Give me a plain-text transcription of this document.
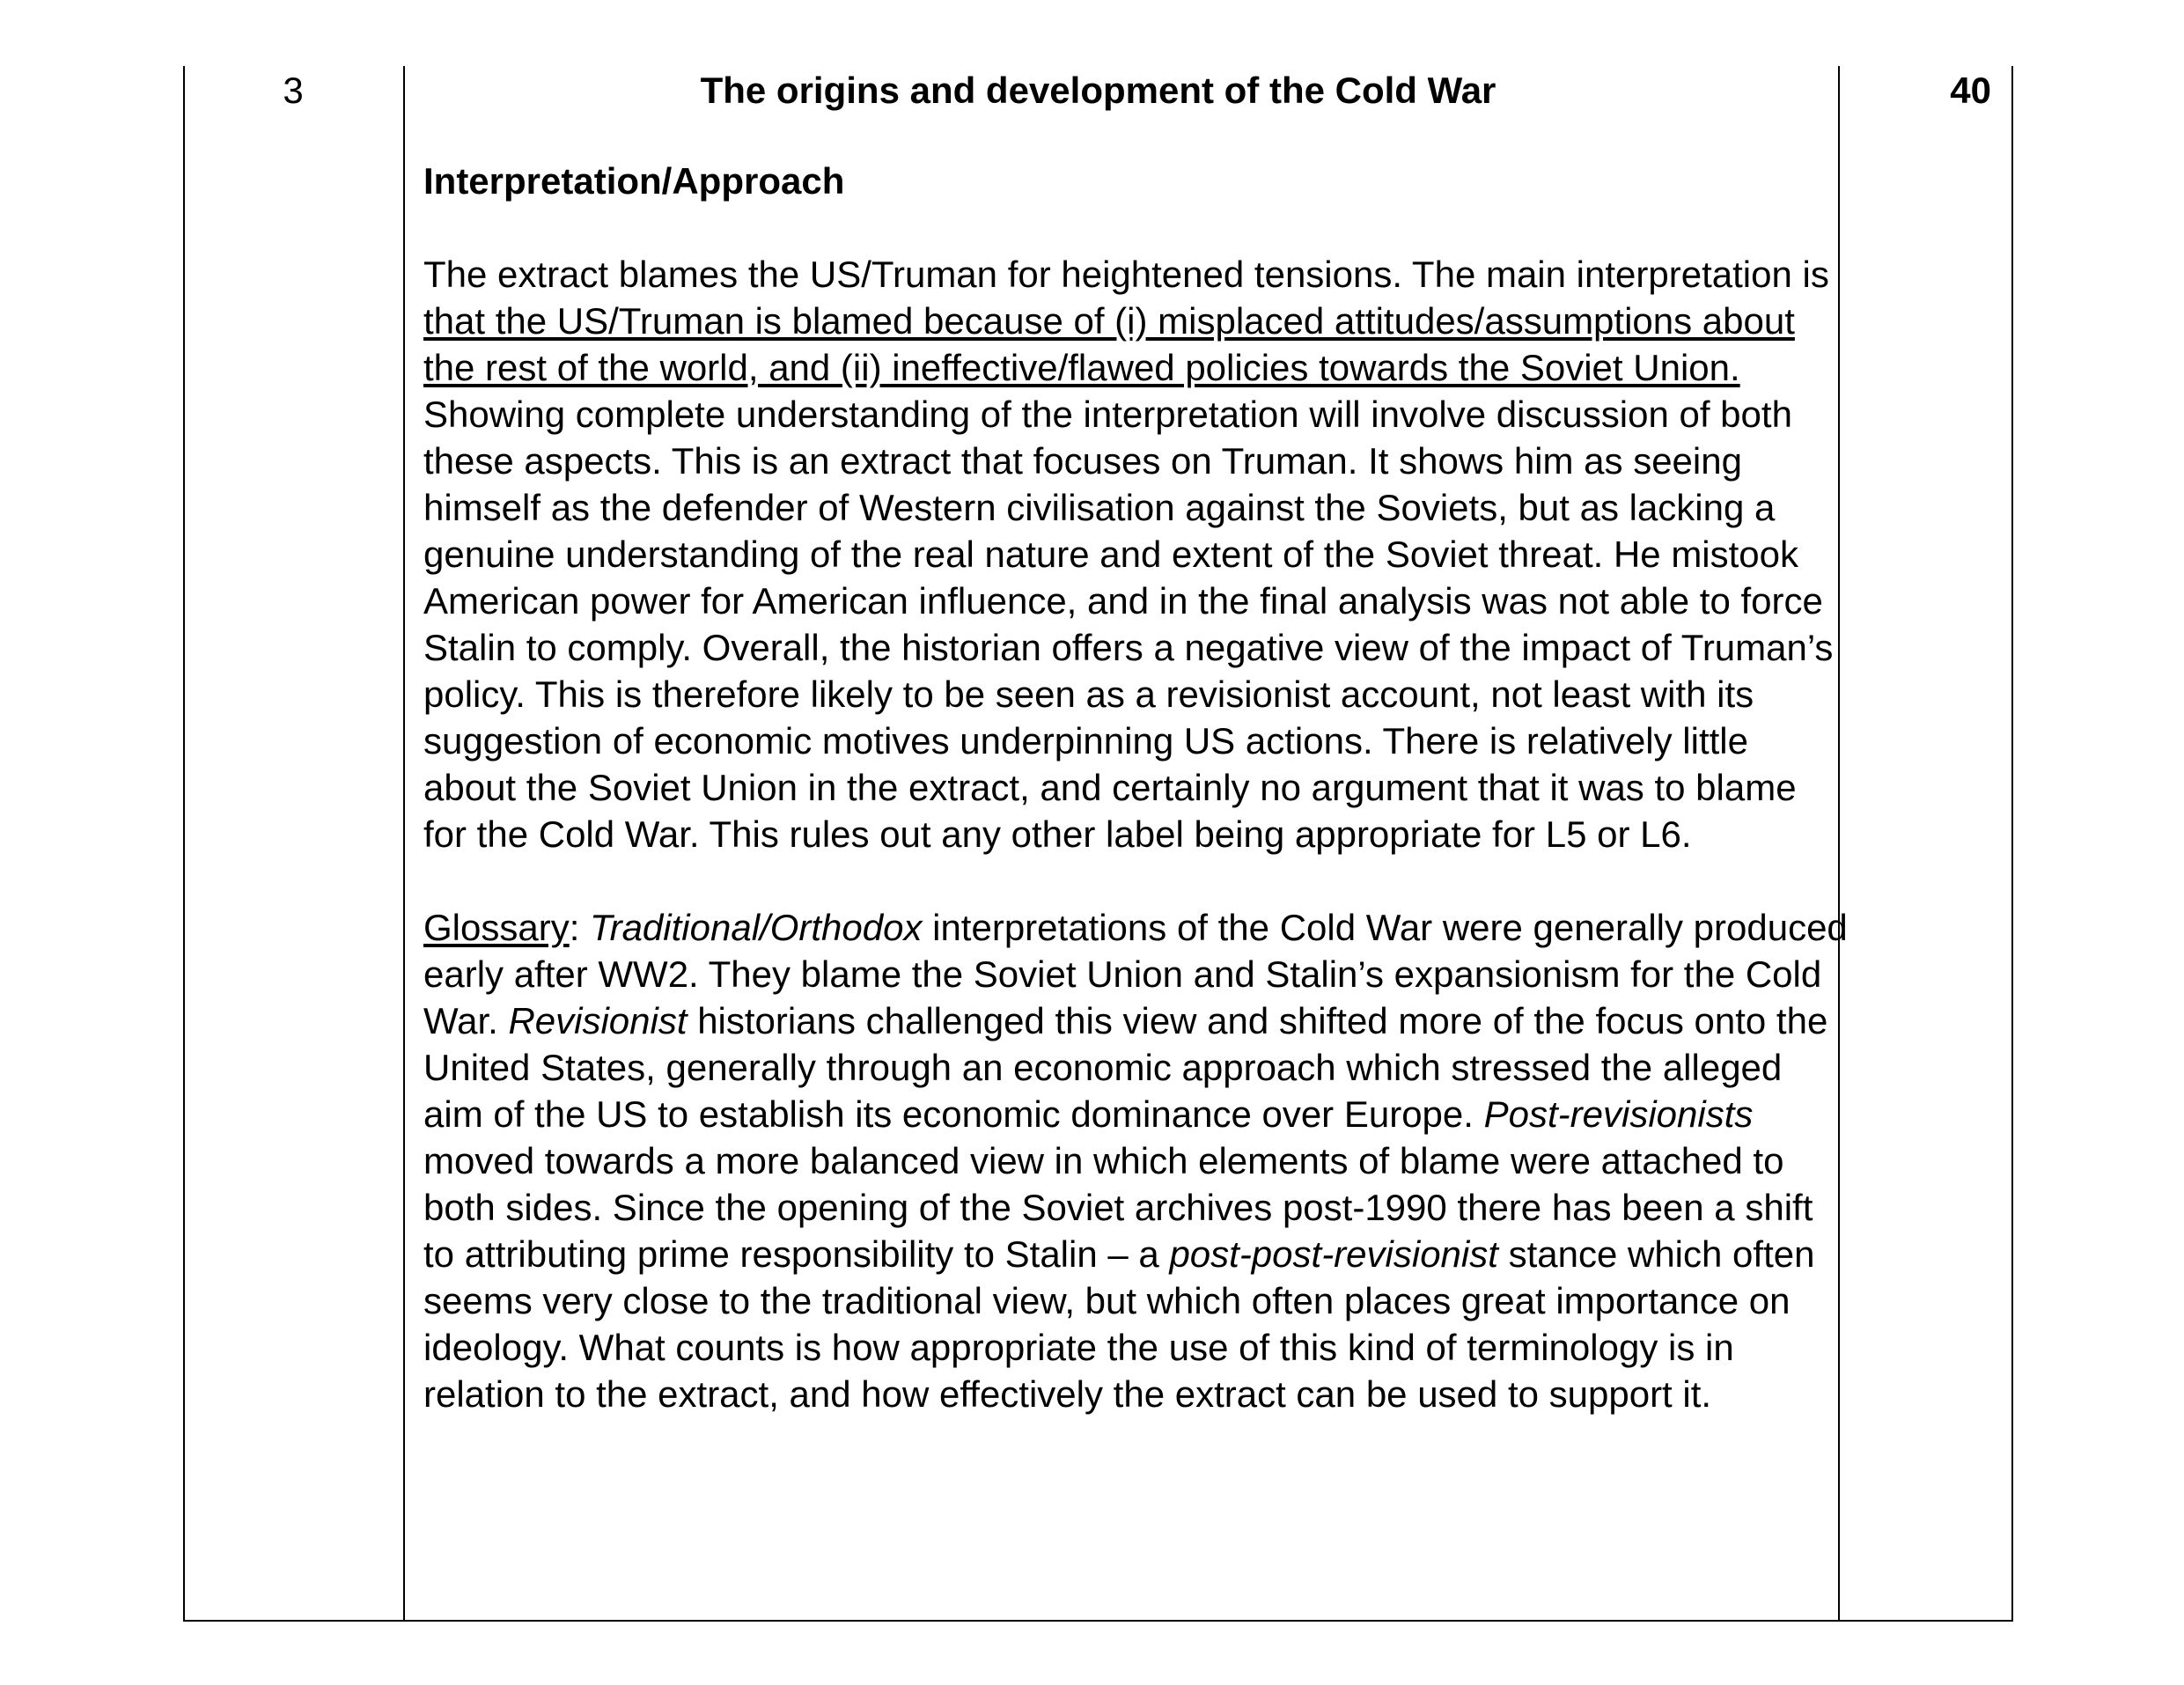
3	40

The origins and development of the Cold War

Interpretation/Approach

The extract blames the US/Truman for heightened tensions. The main interpretation is that the US/Truman is blamed because of (i) misplaced attitudes/assumptions about the rest of the world, and (ii) ineffective/flawed policies towards the Soviet Union. Showing complete understanding of the interpretation will involve discussion of both these aspects. This is an extract that focuses on Truman. It shows him as seeing himself as the defender of Western civilisation against the Soviets, but as lacking a genuine understanding of the real nature and extent of the Soviet threat. He mistook American power for American influence, and in the final analysis was not able to force Stalin to comply. Overall, the historian offers a negative view of the impact of Truman’s policy. This is therefore likely to be seen as a revisionist account, not least with its suggestion of economic motives underpinning US actions. There is relatively little about the Soviet Union in the extract, and certainly no argument that it was to blame for the Cold War. This rules out any other label being appropriate for L5 or L6.

Glossary: Traditional/Orthodox interpretations of the Cold War were generally produced early after WW2. They blame the Soviet Union and Stalin’s expansionism for the Cold War. Revisionist historians challenged this view and shifted more of the focus onto the United States, generally through an economic approach which stressed the alleged aim of the US to establish its economic dominance over Europe. Post-revisionists moved towards a more balanced view in which elements of blame were attached to both sides. Since the opening of the Soviet archives post-1990 there has been a shift to attributing prime responsibility to Stalin – a post-post-revisionist stance which often seems very close to the traditional view, but which often places great importance on ideology. What counts is how appropriate the use of this kind of terminology is in relation to the extract, and how effectively the extract can be used to support it.
